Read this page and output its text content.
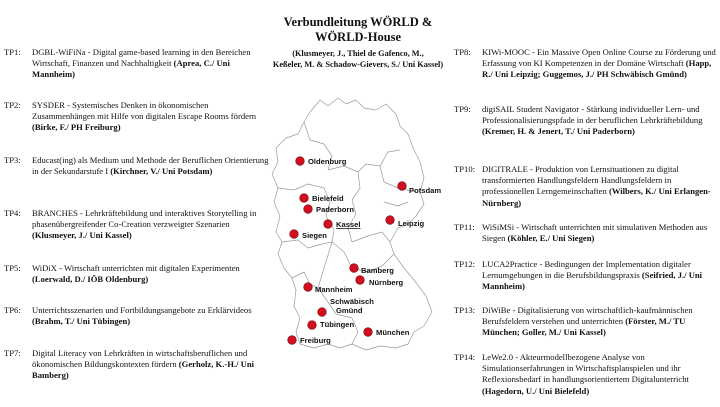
Verbundleitung WÖRLD &
WÖRLD-House
(Klusmeyer, J., Thiel de Gafenco, M.,
Keßeler, M. & Schadow-Gievers, S./ Uni Kassel)
TP1: DGBL-WiFiNa - Digital game-based learning in den Bereichen Wirtschaft, Finanzen und Nachhaltigkeit (Aprea, C./ Uni Mannheim)
TP2: SYSDER - Systemisches Denken in ökonomischen Zusammenhängen mit Hilfe von digitalen Escape Rooms fördern (Birke, F./ PH Freiburg)
TP3: Educast(ing) als Medium und Methode der Beruflichen Orientierung in der Sekundarstufe I (Kirchner, V./ Uni Potsdam)
TP4: BRANCHES - Lehrkräftebildung und interaktives Storytelling in phasenübergreifender Co-Creation verzweigter Szenarien (Klusmeyer, J./ Uni Kassel)
TP5: WiDiX - Wirtschaft unterrichten mit digitalen Experimenten (Loerwald, D./ IÖB Oldenburg)
TP6: Unterrichtsszenarien und Fortbildungsangebote zu Erklärvideos (Brahm, T./ Uni Tübingen)
TP7: Digital Literacy von Lehrkräften in wirtschaftsberuflichen und ökonomischen Bildungskontexten fördern (Gerholz, K.-H./ Uni Bamberg)
TP8: KIWi-MOOC - Ein Massive Open Online Course zu Förderung und Erfassung von KI Kompetenzen in der Domäne Wirtschaft (Happ, R./ Uni Leipzig; Guggemos, J./ PH Schwäbisch Gmünd)
TP9: digiSAIL Student Navigator - Stärkung individueller Lern- und Professionalisierungspfade in der beruflichen Lehrkräftebildung (Kremer, H. & Jenert, T./ Uni Paderborn)
TP10: DIGITRALE - Produktion von Lernsituationen zu digital transformierten Handlungsfeldern Handlungsfeldern in professionellen Lerngemeinschaften (Wilbers, K./ Uni Erlangen-Nürnberg)
TP11: WiSiMSi - Wirtschaft unterrichten mit simulativen Methoden aus Siegen (Köhler, E./ Uni Siegen)
TP12: LUCA2Practice - Bedingungen der Implementation digitaler Lernumgebungen in die Berufsbildungspraxis (Seifried, J./ Uni Mannheim)
TP13: DiWiBe - Digitalisierung von wirtschaftlich-kaufmännischen Berufsfeldern verstehen und unterrichten (Förster, M./ TU München; Goller, M./ Uni Kassel)
TP14: LeWe2.0 - Akteurmodellbezogene Analyse von Simulationserfahrungen in Wirtschaftsplanspielen und ihr Reflexionsbedarf in handlungsorientiertem Digitalunterricht (Hagedorn, U./ Uni Bielefeld)
Oldenburg
Bielefeld
Paderborn
Siegen
Kassel
Potsdam
Leipzig
Bamberg
Nürnberg
Mannheim
Schwäbisch Gmünd
Tübingen
Freiburg
München
